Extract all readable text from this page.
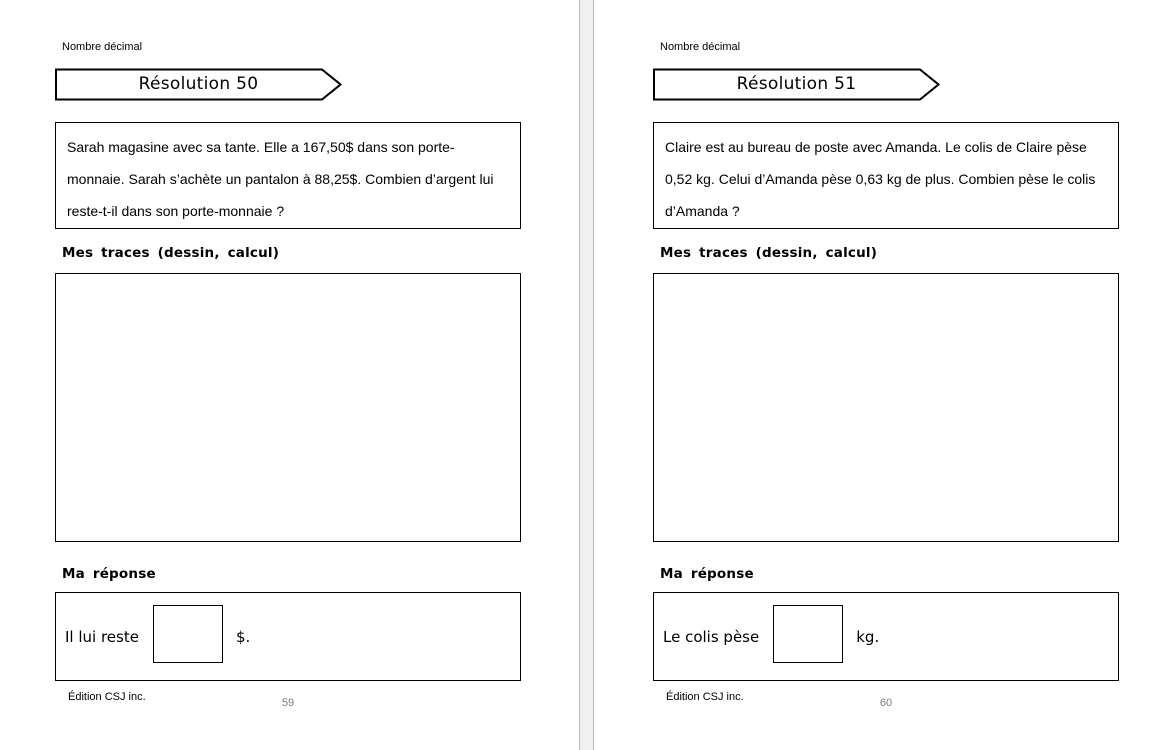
Nombre décimal
Résolution 50
Sarah magasine avec sa tante. Elle a 167,50$ dans son porte-monnaie. Sarah s’achète un pantalon à 88,25$. Combien d’argent lui reste-t-il dans son porte-monnaie ?
Mes traces (dessin, calcul)
Ma réponse
Il lui reste	$.
Édition CSJ inc.	59
Nombre décimal
Résolution 51
Claire est au bureau de poste avec Amanda. Le colis de Claire pèse 0,52 kg. Celui d’Amanda pèse 0,63 kg de plus. Combien pèse le colis d’Amanda ?
Mes traces (dessin, calcul)
Ma réponse
Le colis pèse	kg.
Édition CSJ inc.	60
